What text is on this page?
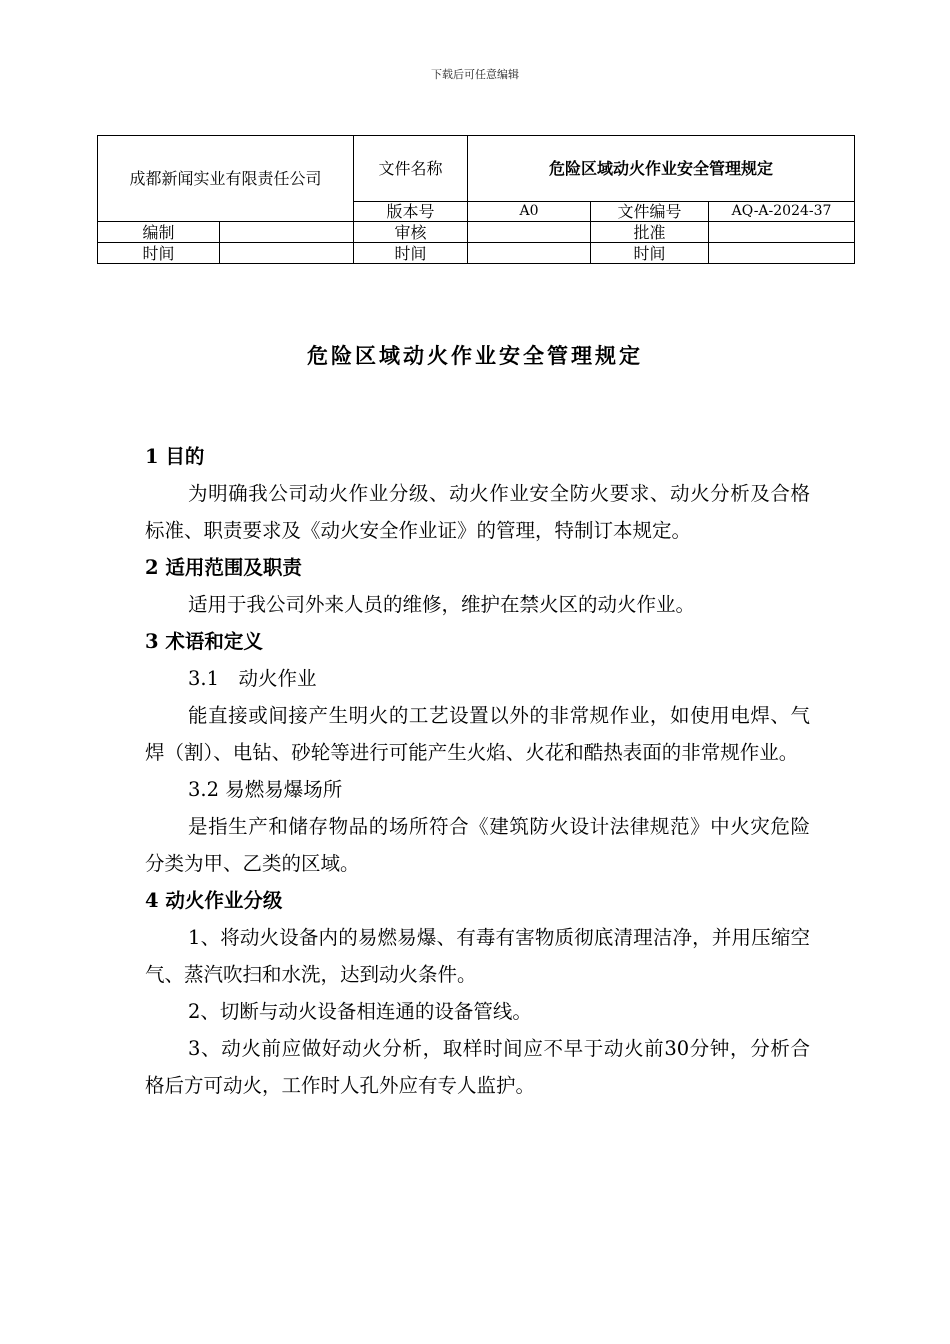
下载后可任意编辑
成都新闻实业有限责任公司		文件名称	危险区域动火作业安全管理规定		
		版本号	A0	文件编号	AQ-A-2024-37
编制		审核		批准	
时间		时间		时间	
危险区域动火作业安全管理规定
1 目的

为明确我公司动火作业分级、动火作业安全防火要求、动火分析及合格标准、职责要求及《动火安全作业证》的管理，特制订本规定。

2 适用范围及职责

适用于我公司外来人员的维修，维护在禁火区的动火作业。

3 术语和定义
3.1　动火作业

能直接或间接产生明火的工艺设置以外的非常规作业，如使用电焊、气焊（割）、电钻、砂轮等进行可能产生火焰、火花和酷热表面的非常规作业。

3.2 易燃易爆场所

是指生产和储存物品的场所符合《建筑防火设计法律规范》中火灾危险分类为甲、乙类的区域。

4 动火作业分级

1、将动火设备内的易燃易爆、有毒有害物质彻底清理洁净，并用压缩空气、蒸汽吹扫和水洗，达到动火条件。

2、切断与动火设备相连通的设备管线。

3、动火前应做好动火分析，取样时间应不早于动火前30分钟，分析合格后方可动火，工作时人孔外应有专人监护。
